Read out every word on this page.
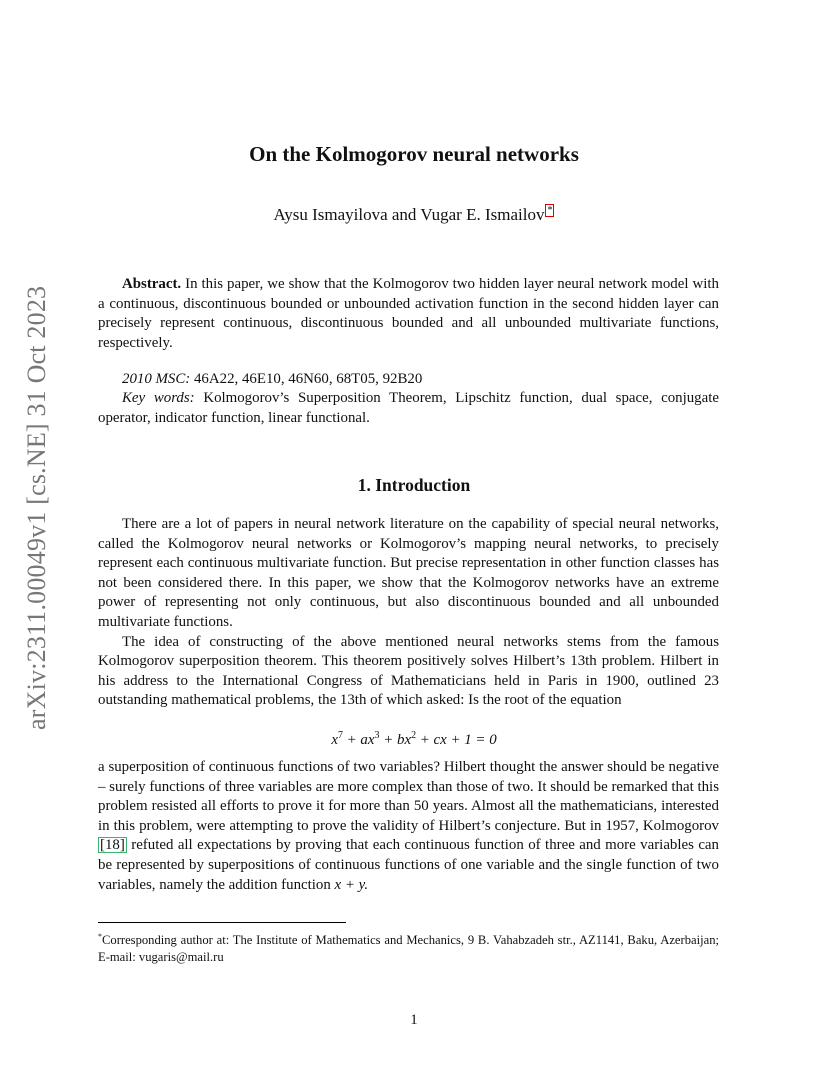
arXiv:2311.00049v1 [cs.NE] 31 Oct 2023
On the Kolmogorov neural networks
Aysu Ismayilova and Vugar E. Ismailov *
Abstract. In this paper, we show that the Kolmogorov two hidden layer neural network model with a continuous, discontinuous bounded or unbounded activation function in the second hidden layer can precisely represent continuous, discontinuous bounded and all unbounded multivariate functions, respectively.
2010 MSC: 46A22, 46E10, 46N60, 68T05, 92B20
Key words: Kolmogorov’s Superposition Theorem, Lipschitz function, dual space, conjugate operator, indicator function, linear functional.
1. Introduction

There are a lot of papers in neural network literature on the capability of special neural networks, called the Kolmogorov neural networks or Kolmogorov’s mapping neural networks, to precisely represent each continuous multivariate function. But precise representation in other function classes has not been considered there. In this paper, we show that the Kolmogorov networks have an extreme power of representing not only continuous, but also discontinuous bounded and all unbounded multivariate functions.

The idea of constructing of the above mentioned neural networks stems from the famous Kolmogorov superposition theorem. This theorem positively solves Hilbert’s 13th problem. Hilbert in his address to the International Congress of Mathematicians held in Paris in 1900, outlined 23 outstanding mathematical problems, the 13th of which asked: Is the root of the equation

$x^7 + ax^3 + bx^2$ + cx + 1 = 0
a superposition of continuous functions of two variables? Hilbert thought the answer should be negative – surely functions of three variables are more complex than those of two. It should be remarked that this problem resisted all efforts to prove it for more than 50 years. Almost all the mathematicians, interested in this problem, were attempting to prove the validity of Hilbert’s conjecture. But in 1957, Kolmogorov [18] refuted all expectations by proving that each continuous function of three and more variables can be represented by superpositions of continuous functions of one variable and the single function of two variables, namely the addition function x + y.
*Corresponding author at: The Institute of Mathematics and Mechanics, 9 B. Vahabzadeh str., AZ1141, Baku, Azerbaijan; E-mail: vugaris@mail.ru
1
